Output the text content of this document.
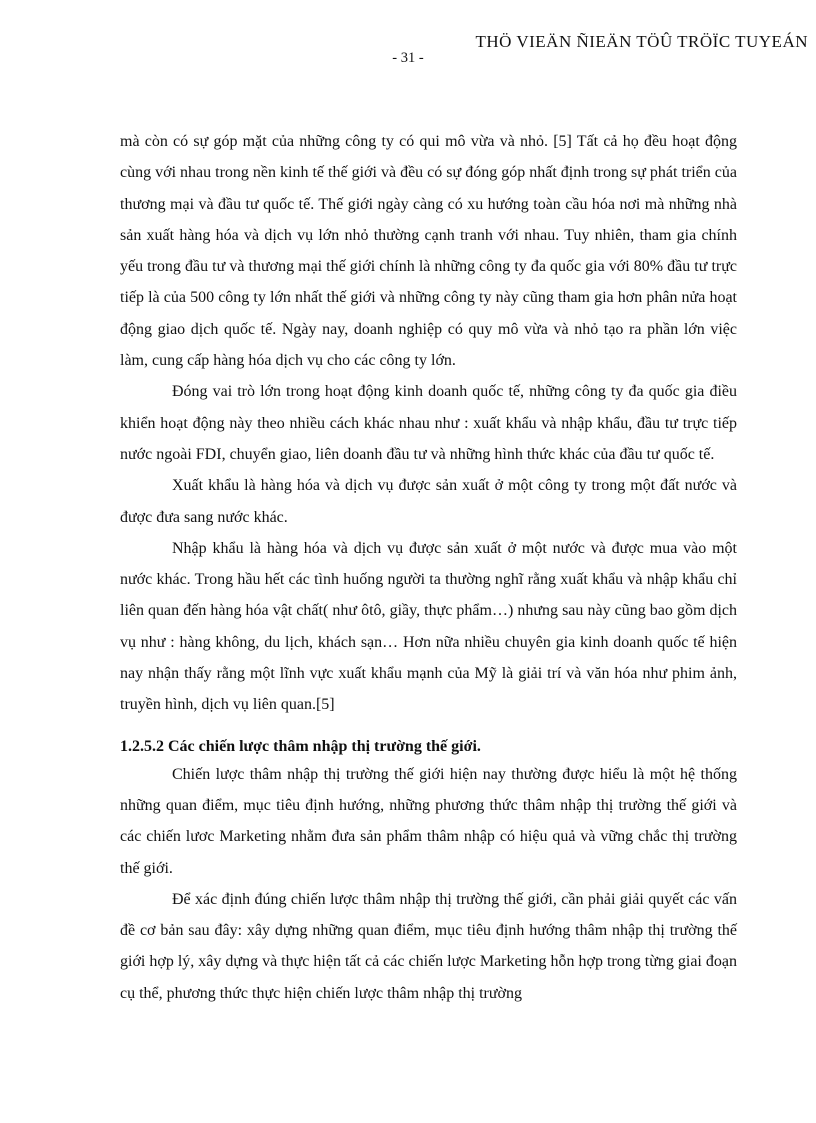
THÖ VIEÄN ÑIEÄN TÖÛ TRÖÏC TUYEÁN
- 31 -

mà còn có sự góp mặt của những công ty có qui mô vừa và nhỏ. [5] Tất cả họ đều hoạt động cùng với nhau trong nền kinh tế thế giới và đều có sự đóng góp nhất định trong sự phát triển của thương mại và đầu tư quốc tế. Thế giới ngày càng có xu hướng toàn cầu hóa nơi mà những nhà sản xuất hàng hóa và dịch vụ lớn nhỏ thường cạnh tranh với nhau. Tuy nhiên, tham gia chính yếu trong đầu tư và thương mại thế giới chính là những công ty đa quốc gia với 80% đầu tư trực tiếp là của 500 công ty lớn nhất thế giới và những công ty này cũng tham gia hơn phân nửa hoạt động giao dịch quốc tế. Ngày nay, doanh nghiệp có quy mô vừa và nhỏ tạo ra phần lớn việc làm, cung cấp hàng hóa dịch vụ cho các công ty lớn.

Đóng vai trò lớn trong hoạt động kinh doanh quốc tế, những công ty đa quốc gia điều khiển hoạt động này theo nhiều cách khác nhau như : xuất khẩu và nhập khẩu, đầu tư trực tiếp nước ngoài FDI, chuyển giao, liên doanh đầu tư và những hình thức khác của đầu tư quốc tế.

Xuất khẩu là hàng hóa và dịch vụ được sản xuất ở một công ty trong một đất nước và được đưa sang nước khác.

Nhập khẩu là hàng hóa và dịch vụ được sản xuất ở một nước và được mua vào một nước khác. Trong hầu hết các tình huống người ta thường nghĩ rằng xuất khẩu và nhập khẩu chỉ liên quan đến hàng hóa vật chất( như ôtô, giầy, thực phẩm…) nhưng sau này cũng bao gồm dịch vụ như : hàng không, du lịch, khách sạn… Hơn nữa nhiều chuyên gia kinh doanh quốc tế hiện nay nhận thấy rằng một lĩnh vực xuất khẩu mạnh của Mỹ là giải trí và văn hóa như phim ảnh, truyền hình, dịch vụ liên quan.[5]

1.2.5.2 Các chiến lược thâm nhập thị trường thế giới.

Chiến lược thâm nhập thị trường thế giới hiện nay thường được hiểu là một hệ thống những quan điểm, mục tiêu định hướng, những phương thức thâm nhập thị trường thế giới và các chiến lươc Marketing nhằm đưa sản phẩm thâm nhập có hiệu quả và vững chắc thị trường thế giới.

Để xác định đúng chiến lược thâm nhập thị trường thế giới, cần phải giải quyết các vấn đề cơ bản sau đây: xây dựng những quan điểm, mục tiêu định hướng thâm nhập thị trường thế giới hợp lý, xây dựng và thực hiện tất cả các chiến lược Marketing hỗn hợp trong từng giai đoạn cụ thể, phương thức thực hiện chiến lược thâm nhập thị trường
